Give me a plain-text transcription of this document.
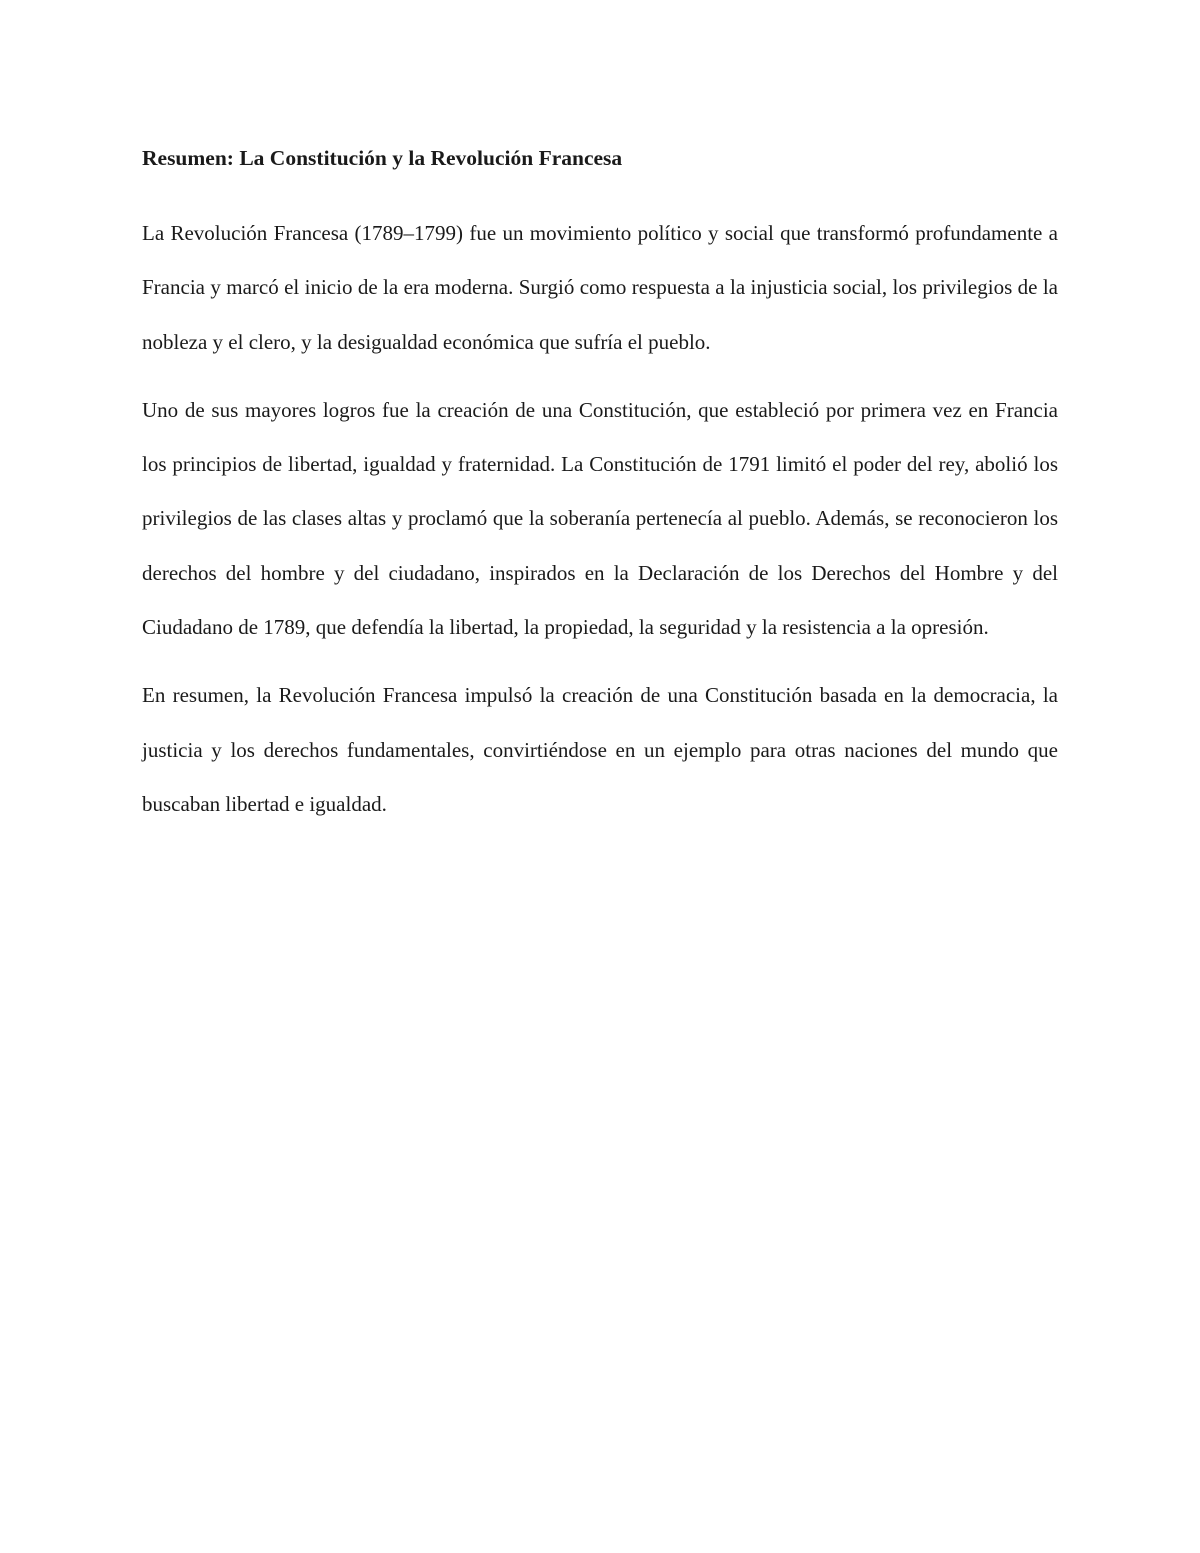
Resumen: La Constitución y la Revolución Francesa

La Revolución Francesa (1789–1799) fue un movimiento político y social que transformó profundamente a Francia y marcó el inicio de la era moderna. Surgió como respuesta a la injusticia social, los privilegios de la nobleza y el clero, y la desigualdad económica que sufría el pueblo.

Uno de sus mayores logros fue la creación de una Constitución, que estableció por primera vez en Francia los principios de libertad, igualdad y fraternidad. La Constitución de 1791 limitó el poder del rey, abolió los privilegios de las clases altas y proclamó que la soberanía pertenecía al pueblo. Además, se reconocieron los derechos del hombre y del ciudadano, inspirados en la Declaración de los Derechos del Hombre y del Ciudadano de 1789, que defendía la libertad, la propiedad, la seguridad y la resistencia a la opresión.

En resumen, la Revolución Francesa impulsó la creación de una Constitución basada en la democracia, la justicia y los derechos fundamentales, convirtiéndose en un ejemplo para otras naciones del mundo que buscaban libertad e igualdad.
